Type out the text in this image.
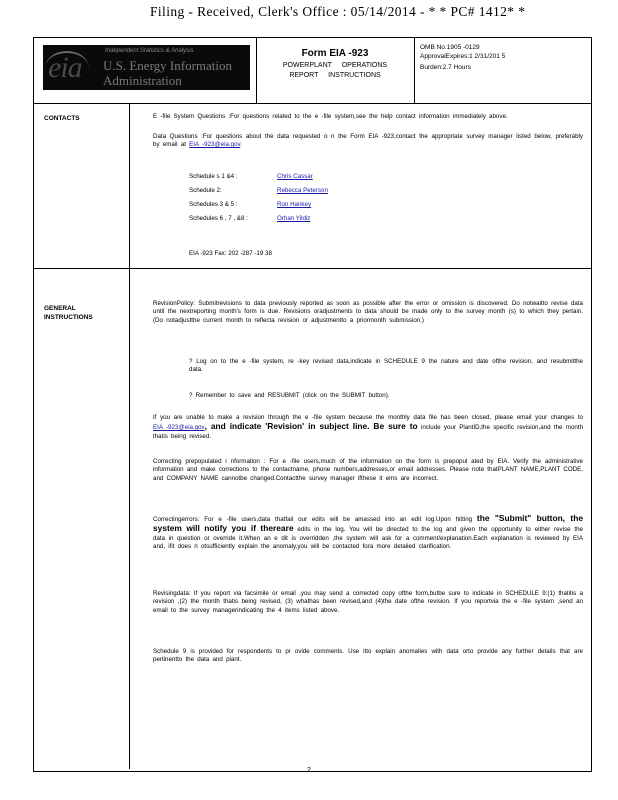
Filing - Received, Clerk's Office : 05/14/2014 - * * PC# 1412* *
eia	Independent Statistics & Analysis
U.S. Energy Information
Administration
Form EIA -923
POWERPLANT OPERATIONS
REPORT INSTRUCTIONS
OMB No.1905 -0129
ApprovalExpires:1 2/31/201 5
Burden:2.7 Hours
CONTACTS	E -file System Questions :For questions related to the e -file system,see the help contact information immediately above.
Data Questions :For questions about the data requested o n the Form EIA -923,contact the appropriate survey manager listed below, preferably by email at EIA -923@eia.gov.
Schedule s 1 &4 :	Chris Cassar
Schedule 2:	Rebecca Peterson
Schedules 3 & 5 :	Ron Hankey
Schedules 6 , 7 , &8 :	Orhan Yildiz
EIA -923 Fax: 202 -287 -19 38
GENERAL
INSTRUCTIONS
RevisionPolicy: Submitrevisions to data previously reported as soon as possible after the error or omission is discovered. Do notwaitto revise data until the nextreporting month's form is due. Revisions oradjustments to data should be made only to the survey month (s) to which they pertain.(Do notadjustthe current month to reflecta revision or adjustmentto a priormonth submission.)
? Log on to the e -file system, re -key revised data,indicate in SCHEDULE 9 the nature and date ofthe revision, and resubmitthe data.
? Remember to save and RESUBMIT (click on the SUBMIT button).
If you are unable to make a revision through the e -file system because the monthly data file has been closed, please email your changes to EIA -923@eia.gov, and indicate 'Revision' in subject line. Be sure to include your PlantID,the specific revision,and the month thatis being revised.
Correcting prepopulated i nformation : For e -file users,much of the information on the form is prepopul ated by EIA. Verify the administrative information and make corrections to the contactname, phone numbers,addresses,or email addresses. Please note thatPLANT NAME,PLANT CODE, and COMPANY NAME cannotbe changed.Contactthe survey manager ifthese it ems are incorrect.
Correctingerrors: For e -file users,data thatfail our edits will be amassed into an edit log.Upon hitting the "Submit" button, the system will notify you if thereare edits in the log. You will be directed to the log and given the opportunity to either revise the data in question or override it.When an e dit is overridden ,the system will ask for a comment/explanation.Each explanation is reviewed by EIA and, ifit does n otsufficiently explain the anomaly,you will be contacted fora more detailed clarification.
Revisingdata: If you report via facsimile or email ,you may send a corrected copy ofthe form,butbe sure to indicate in SCHEDULE 9:(1) thatitis a revision ,(2) the month thatis being revised, (3) whathas been revised,and (4)the date ofthe revision. If you reportvia the e -file system ,send an email to the survey managerindicating the 4 items listed above.
Schedule 9 is provided for respondents to pr ovide comments. Use itto explain anomalies with data orto provide any further details that are pertinentto the data and plant.
2
